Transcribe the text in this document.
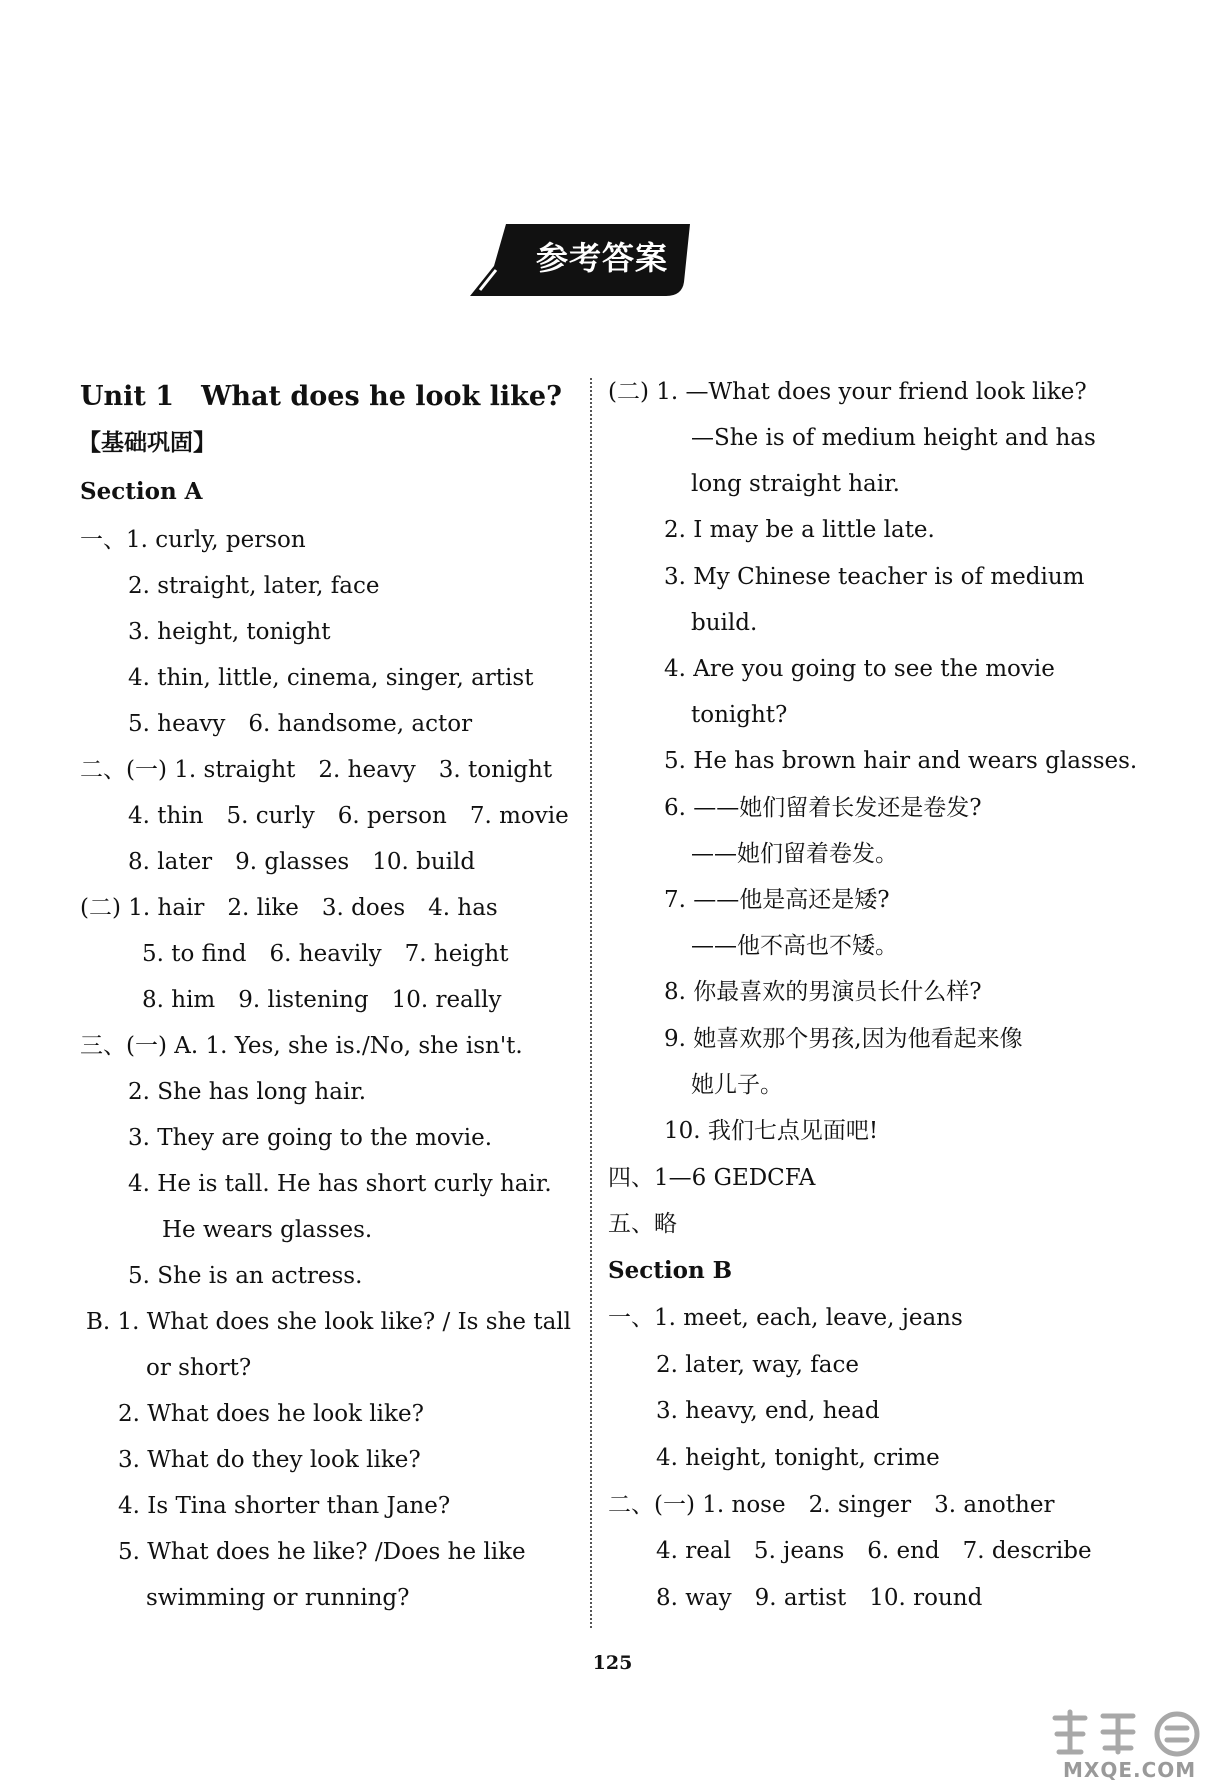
参考答案
Unit 1　What does he look like?
【基础巩固】
Section A
一、1. curly, person
2. straight, later, face
3. height, tonight
4. thin, little, cinema, singer, artist
5. heavy　6. handsome, actor
二、(一) 1. straight　2. heavy　3. tonight
4. thin　5. curly　6. person　7. movie
8. later　9. glasses　10. build
(二) 1. hair　2. like　3. does　4. has
5. to find　6. heavily　7. height
8. him　9. listening　10. really
三、(一) A. 1. Yes, she is./No, she isn't.
2. She has long hair.
3. They are going to the movie.
4. He is tall. He has short curly hair.
He wears glasses.
5. She is an actress.
B. 1. What does she look like? / Is she tall
or short?
2. What does he look like?
3. What do they look like?
4. Is Tina shorter than Jane?
5. What does he like? /Does he like
swimming or running?
(二) 1. —What does your friend look like?
—She is of medium height and has
long straight hair.
2. I may be a little late.
3. My Chinese teacher is of medium
build.
4. Are you going to see the movie
tonight?
5. He has brown hair and wears glasses.
6. ——她们留着长发还是卷发?
——她们留着卷发。
7. ——他是高还是矮?
——他不高也不矮。
8. 你最喜欢的男演员长什么样?
9. 她喜欢那个男孩,因为他看起来像
她儿子。
10. 我们七点见面吧!
四、1—6 GEDCFA
五、略
Section B
一、1. meet, each, leave, jeans
2. later, way, face
3. heavy, end, head
4. height, tonight, crime
二、(一) 1. nose　2. singer　3. another
4. real　5. jeans　6. end　7. describe
8. way　9. artist　10. round
125
MXQE.COM
